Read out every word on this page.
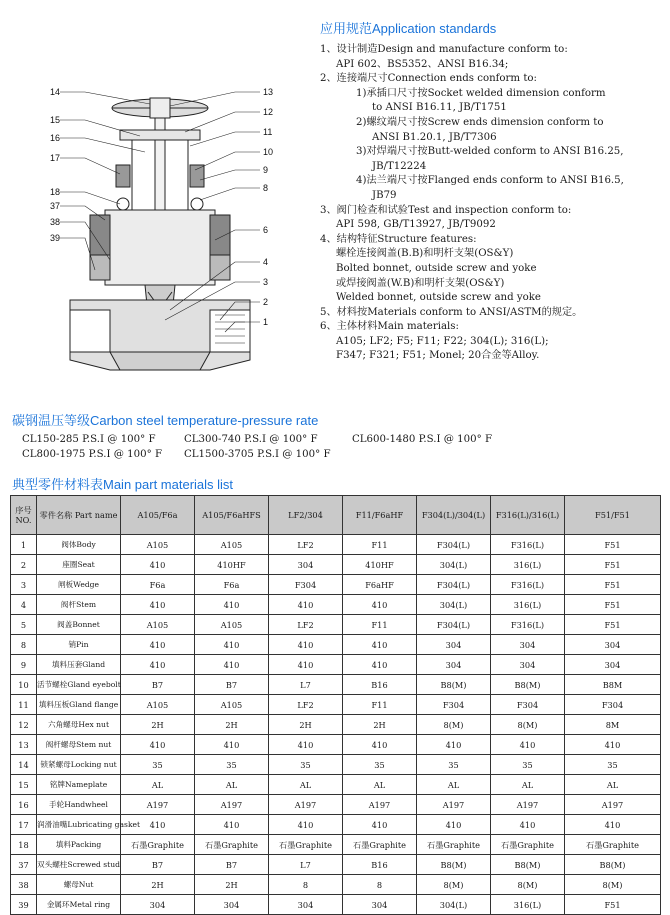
14
15
16
17
18
37
38
39
13
12
11
10
9
8
6
4
3
2
1
应用规范Application standards
1、设计制造Design and manufacture conform to:
API 602、BS5352、ANSI B16.34;
2、连接端尺寸Connection ends conform to:
1)承插口尺寸按Socket welded dimension conform
to ANSI B16.11, JB/T1751
2)螺纹端尺寸按Screw ends dimension conform to
ANSI B1.20.1, JB/T7306
3)对焊端尺寸按Butt-welded conform to ANSI B16.25,
JB/T12224
4)法兰端尺寸按Flanged ends conform to ANSI B16.5,
JB79
3、阀门检查和试验Test and inspection conform to:
API 598, GB/T13927, JB/T9092
4、结构特征Structure features:
螺栓连接阀盖(B.B)和明杆支架(OS&Y)
Bolted bonnet, outside screw and yoke
或焊接阀盖(W.B)和明杆支架(OS&Y)
Welded bonnet, outside screw and yoke
5、材料按Materials conform to ANSI/ASTM的规定。
6、主体材料Main materials:
A105; LF2; F5; F11; F22; 304(L); 316(L);
F347; F321; F51; Monel; 20合金等Alloy.
碳钢温压等级Carbon steel temperature-pressure rate
CL150-285 P.S.I @ 100° F	CL300-740 P.S.I @ 100° F	CL600-1480 P.S.I @ 100° F
CL800-1975 P.S.I @ 100° F CL1500-3705 P.S.I @ 100° F
典型零件材料表Main part materials list
序号 NO.	零件名称 Part name	A105/F6a	A105/F6aHFS	LF2/304	F11/F6aHF	F304(L)/304(L)	F316(L)/316(L)	F51/F51
1	阀体Body	A105	A105	LF2	F11	F304(L)	F316(L)	F51
2	座圈Seat	410	410HF	304	410HF	304(L)	316(L)	F51
3	闸板Wedge	F6a	F6a	F304	F6aHF	F304(L)	F316(L)	F51
4	阀杆Stem	410	410	410	410	304(L)	316(L)	F51
5	阀盖Bonnet	A105	A105	LF2	F11	F304(L)	F316(L)	F51
8	销Pin	410	410	410	410	304	304	304
9	填料压套Gland	410	410	410	410	304	304	304
10	活节螺栓Gland eyebolt	B7	B7	L7	B16	B8(M)	B8(M)	B8M
11	填料压板Gland flange	A105	A105	LF2	F11	F304	F304	F304
12	六角螺母Hex nut	2H	2H	2H	2H	8(M)	8(M)	8M
13	阀杆螺母Stem nut	410	410	410	410	410	410	410
14	锁紧螺母Locking nut	35	35	35	35	35	35	35
15	铭牌Nameplate	AL	AL	AL	AL	AL	AL	AL
16	手轮Handwheel	A197	A197	A197	A197	A197	A197	A197
17	润滑油嘴Lubricating gasket	410	410	410	410	410	410	410
18	填料Packing	石墨Graphite	石墨Graphite	石墨Graphite	石墨Graphite	石墨Graphite	石墨Graphite	石墨Graphite
37	双头螺柱Screwed stud	B7	B7	L7	B16	B8(M)	B8(M)	B8(M)
38	螺母Nut	2H	2H	8	8	8(M)	8(M)	8(M)
39	金属环Metal ring	304	304	304	304	304(L)	316(L)	F51
